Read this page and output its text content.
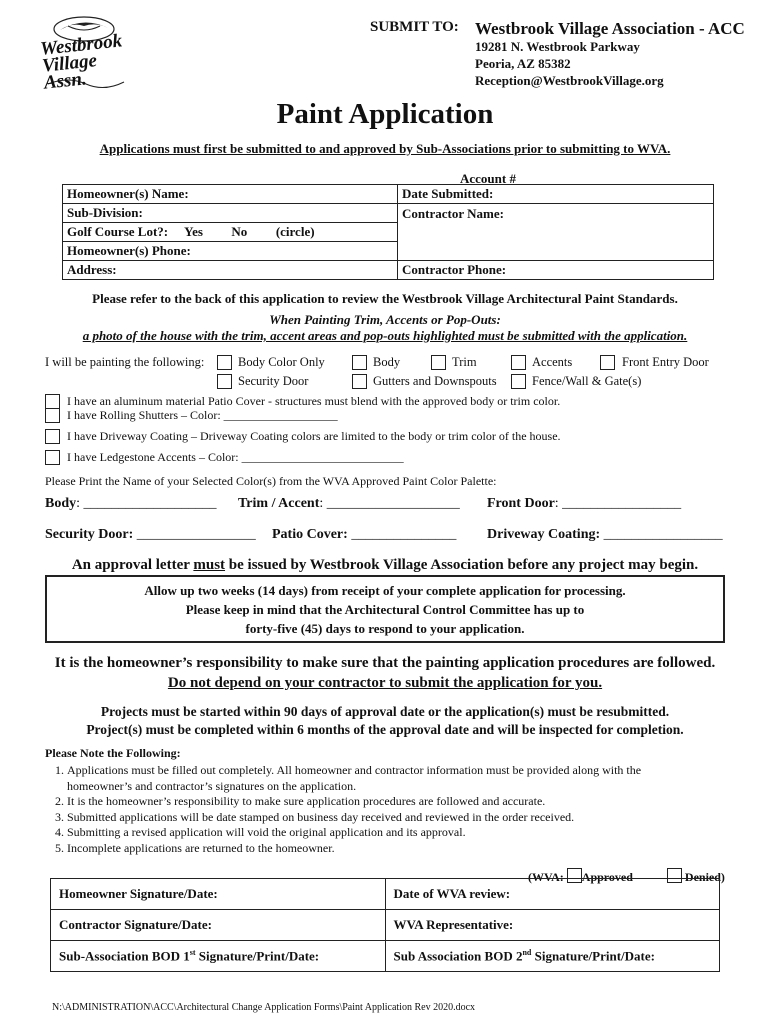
Westbrook Village Assn.
SUBMIT TO: Westbrook Village Association - ACC
19281 N. Westbrook Parkway
Peoria, AZ 85382
Reception@WestbrookVillage.org
Paint Application
Applications must first be submitted to and approved by Sub-Associations prior to submitting to WVA.
Account # ___________________
Homeowner(s) Name:	Date Submitted:
Sub-Division:	Contractor Name:
Golf Course Lot?: Yes No (circle)	
Homeowner(s) Phone:	
Address:	Contractor Phone:
Please refer to the back of this application to review the Westbrook Village Architectural Paint Standards.
When Painting Trim, Accents or Pop-Outs:
a photo of the house with the trim, accent areas and pop-outs highlighted must be submitted with the application.
I will be painting the following:	Body Color Only	Body	Trim	Accents	Front Entry Door
Security Door	Gutters and Downspouts	Fence/Wall & Gate(s)
I have an aluminum material Patio Cover - structures must blend with the approved body or trim color.
I have Rolling Shutters – Color: ___________________
I have Driveway Coating – Driveway Coating colors are limited to the body or trim color of the house.
I have Ledgestone Accents – Color: ___________________________
Please Print the Name of your Selected Color(s) from the WVA Approved Paint Color Palette:
Body: ___________________ Trim / Accent: ___________________ Front Door: _________________
Security Door: _________________ Patio Cover: _______________ Driveway Coating: _________________
An approval letter must be issued by Westbrook Village Association before any project may begin.
Allow up two weeks (14 days) from receipt of your complete application for processing.
Please keep in mind that the Architectural Control Committee has up to
forty-five (45) days to respond to your application.
It is the homeowner’s responsibility to make sure that the painting application procedures are followed.
Do not depend on your contractor to submit the application for you.
Projects must be started within 90 days of approval date or the application(s) must be resubmitted.
Project(s) must be completed within 6 months of the approval date and will be inspected for completion.
Please Note the Following:
1. Applications must be filled out completely. All homeowner and contractor information must be provided along with the homeowner’s and contractor’s signatures on the application.
2. It is the homeowner’s responsibility to make sure application procedures are followed and accurate.
3. Submitted applications will be date stamped on business day received and reviewed in the order received.
4. Submitting a revised application will void the original application and its approval.
5. Incomplete applications are returned to the homeowner.
(WVA: Approved	Denied)
Homeowner Signature/Date:	Date of WVA review:
Contractor Signature/Date:	WVA Representative:
Sub-Association BOD 1st Signature/Print/Date:	Sub Association BOD 2nd Signature/Print/Date:
N:\ADMINISTRATION\ACC\Architectural Change Application Forms\Paint Application Rev 2020.docx
